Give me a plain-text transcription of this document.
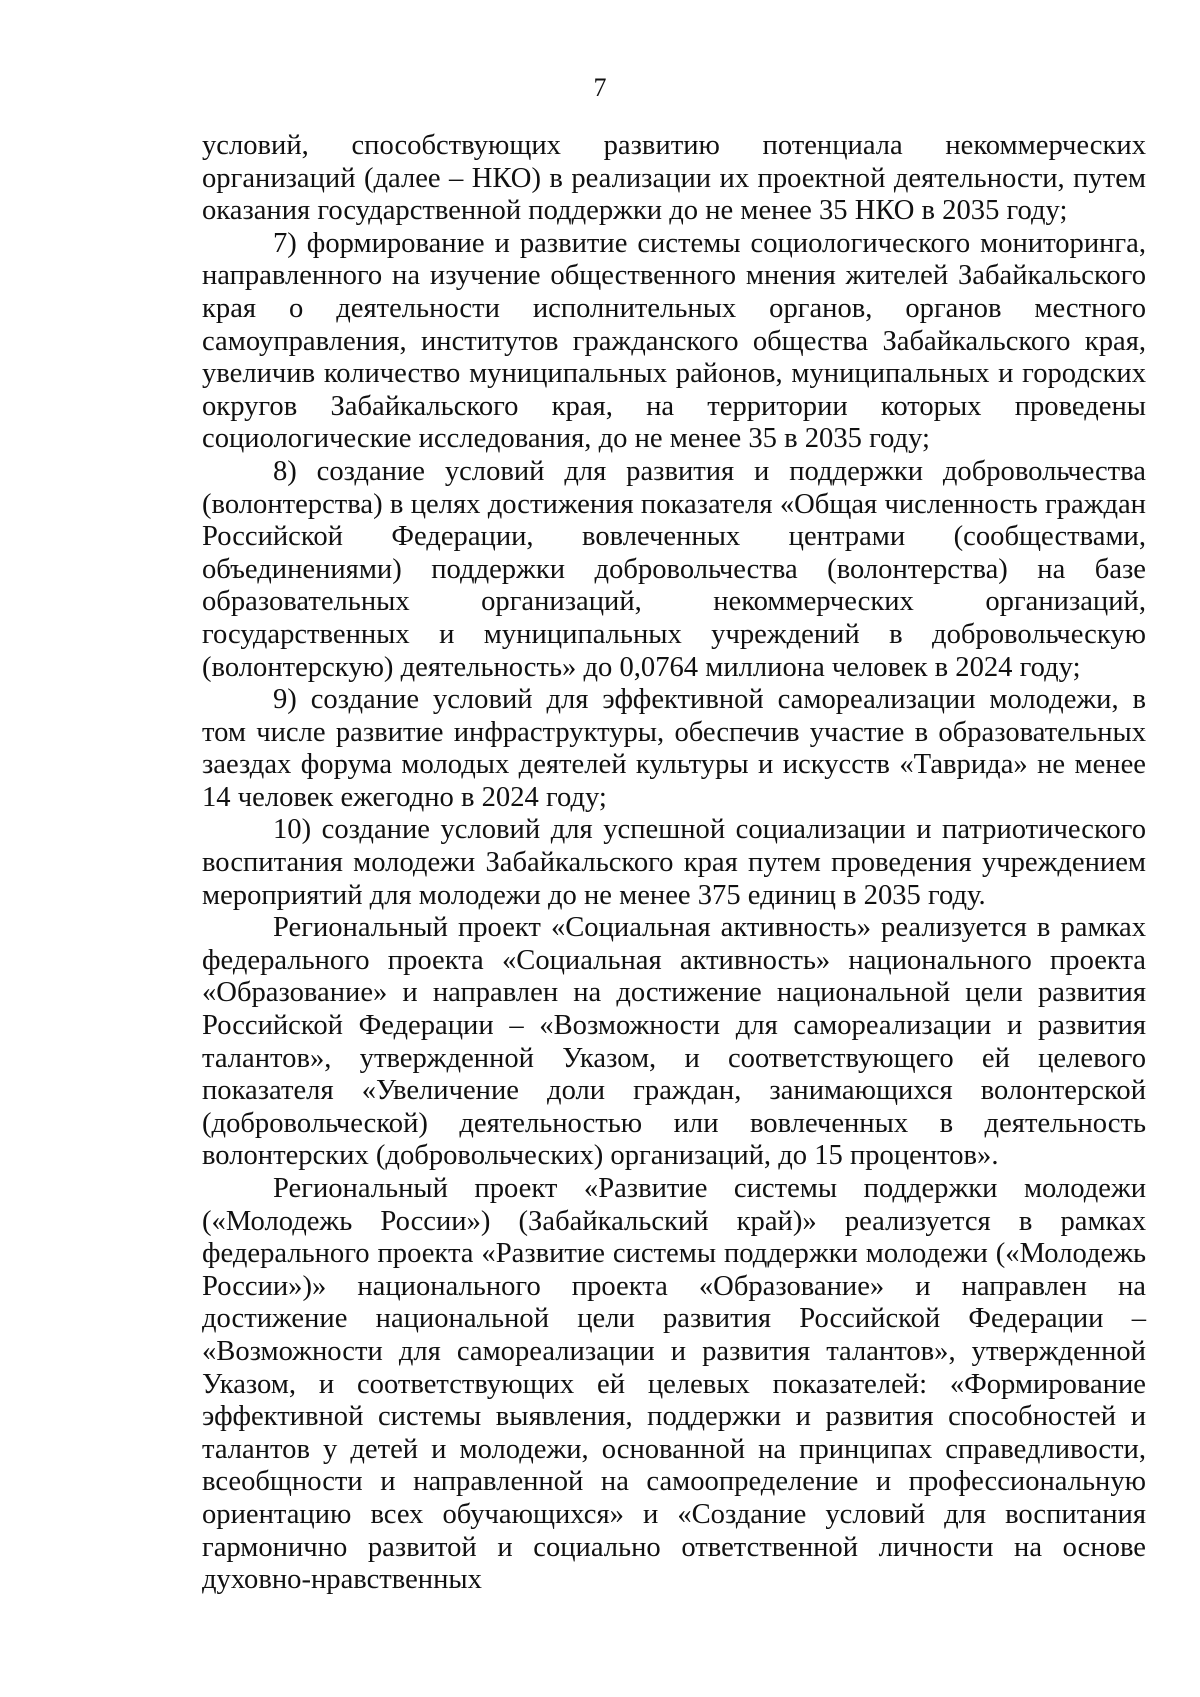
7

условий, способствующих развитию потенциала некоммерческих организаций (далее – НКО) в реализации их проектной деятельности, путем оказания государственной поддержки до не менее 35 НКО в 2035 году;

7) формирование и развитие системы социологического мониторинга, направленного на изучение общественного мнения жителей Забайкальского края о деятельности исполнительных органов, органов местного самоуправления, институтов гражданского общества Забайкальского края, увеличив количество муниципальных районов, муниципальных и городских округов Забайкальского края, на территории которых проведены социологические исследования, до не менее 35 в 2035 году;

8) создание условий для развития и поддержки добровольчества (волонтерства) в целях достижения показателя «Общая численность граждан Российской Федерации, вовлеченных центрами (сообществами, объединениями) поддержки добровольчества (волонтерства) на базе образовательных организаций, некоммерческих организаций, государственных и муниципальных учреждений в добровольческую (волонтерскую) деятельность» до 0,0764 миллиона человек в 2024 году;

9) создание условий для эффективной самореализации молодежи, в том числе развитие инфраструктуры, обеспечив участие в образовательных заездах форума молодых деятелей культуры и искусств «Таврида» не менее 14 человек ежегодно в 2024 году;

10) создание условий для успешной социализации и патриотического воспитания молодежи Забайкальского края путем проведения учреждением мероприятий для молодежи до не менее 375 единиц в 2035 году.

Региональный проект «Социальная активность» реализуется в рамках федерального проекта «Социальная активность» национального проекта «Образование» и направлен на достижение национальной цели развития Российской Федерации – «Возможности для самореализации и развития талантов», утвержденной Указом, и соответствующего ей целевого показателя «Увеличение доли граждан, занимающихся волонтерской (добровольческой) деятельностью или вовлеченных в деятельность волонтерских (добровольческих) организаций, до 15 процентов».

Региональный проект «Развитие системы поддержки молодежи («Молодежь России») (Забайкальский край)» реализуется в рамках федерального проекта «Развитие системы поддержки молодежи («Молодежь России»)» национального проекта «Образование» и направлен на достижение национальной цели развития Российской Федерации – «Возможности для самореализации и развития талантов», утвержденной Указом, и соответствующих ей целевых показателей: «Формирование эффективной системы выявления, поддержки и развития способностей и талантов у детей и молодежи, основанной на принципах справедливости, всеобщности и направленной на самоопределение и профессиональную ориентацию всех обучающихся» и «Создание условий для воспитания гармонично развитой и социально ответственной личности на основе духовно-нравственных
